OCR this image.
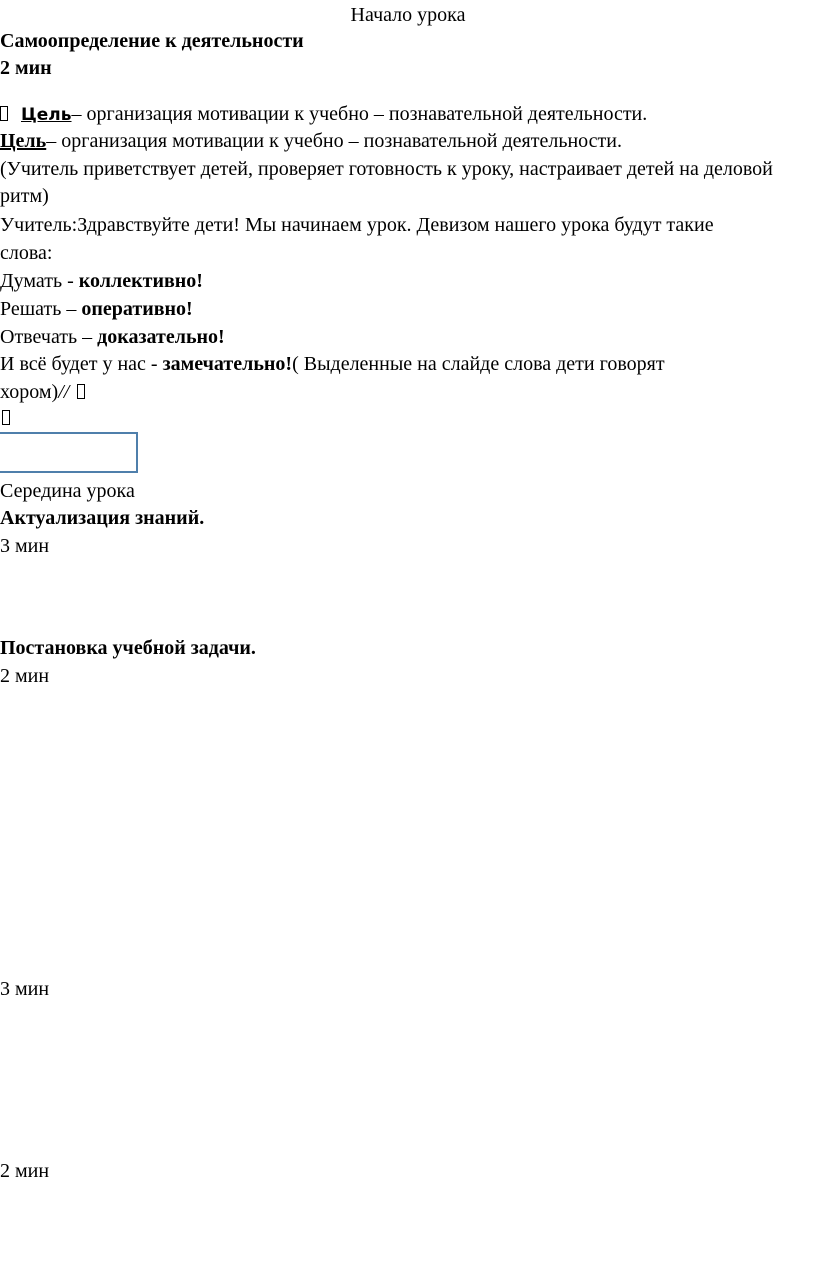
Начало урока
Самоопределение к деятельности
2 мин
Цель– организация мотивации к учебно – познавательной деятельности.
Цель– организация мотивации к учебно – познавательной деятельности.
(Учитель приветствует детей, проверяет готовность к уроку, настраивает детей на деловой
ритм)
Учитель:Здравствуйте дети! Мы начинаем урок. Девизом нашего урока будут такие
слова:
Думать - коллективно!
Решать – оперативно!
Отвечать – доказательно!
И всё будет у нас - замечательно!( Выделенные на слайде слова дети говорят
хором)//
Середина урока
Актуализация знаний.
3 мин
Постановка учебной задачи.
2 мин
3 мин
2 мин
